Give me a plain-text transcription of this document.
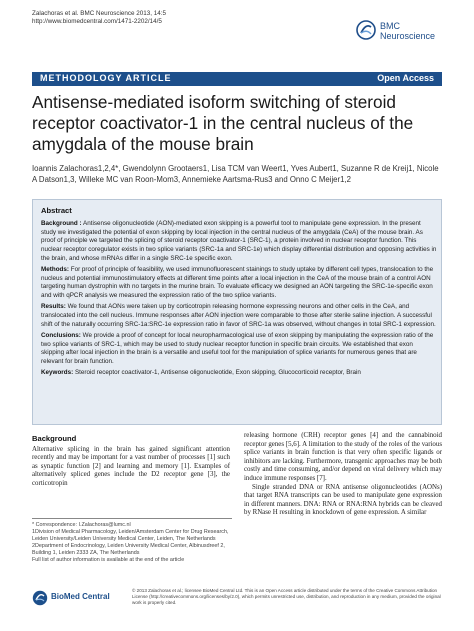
Zalachoras et al. BMC Neuroscience 2013, 14:5
http://www.biomedcentral.com/1471-2202/14/5	BMC
Neuroscience
METHODOLOGY ARTICLE	Open Access
Antisense-mediated isoform switching of steroid receptor coactivator-1 in the central nucleus of the amygdala of the mouse brain
Ioannis Zalachoras1,2,4*, Gwendolynn Grootaers1, Lisa TCM van Weert1, Yves Aubert1, Suzanne R de Kreij1, Nicole A Datson1,3, Willeke MC van Roon-Mom3, Annemieke Aartsma-Rus3 and Onno C Meijer1,2
Abstract

Background : Antisense oligonucleotide (AON)-mediated exon skipping is a powerful tool to manipulate gene expression. In the present study we investigated the potential of exon skipping by local injection in the central nucleus of the amygdala (CeA) of the mouse brain. As proof of principle we targeted the splicing of steroid receptor coactivator-1 (SRC-1), a protein involved in nuclear receptor function. This nuclear receptor coregulator exists in two splice variants (SRC-1a and SRC-1e) which display differential distribution and opposing activities in the brain, and whose mRNAs differ in a single SRC-1e specific exon.

Methods: For proof of principle of feasibility, we used immunofluorescent stainings to study uptake by different cell types, translocation to the nucleus and potential immunostimulatory effects at different time points after a local injection in the CeA of the mouse brain of a control AON targeting human dystrophin with no targets in the murine brain. To evaluate efficacy we designed an AON targeting the SRC-1e-specific exon and with qPCR analysis we measured the expression ratio of the two splice variants.

Results: We found that AONs were taken up by corticotropin releasing hormone expressing neurons and other cells in the CeA, and translocated into the cell nucleus. Immune responses after AON injection were comparable to those after sterile saline injection. A successful shift of the naturally occurring SRC-1a:SRC-1e expression ratio in favor of SRC-1a was observed, without changes in total SRC-1 expression.

Conclusions: We provide a proof of concept for local neuropharmacological use of exon skipping by manipulating the expression ratio of the two splice variants of SRC-1, which may be used to study nuclear receptor function in specific brain circuits. We established that exon skipping after local injection in the brain is a versatile and useful tool for the manipulation of splice variants for numerous genes that are relevant for brain function.

Keywords: Steroid receptor coactivator-1, Antisense oligonucleotide, Exon skipping, Glucocorticoid receptor, Brain

Background

Alternative splicing in the brain has gained significant attention recently and may be important for a vast number of processes [1] such as synaptic function [2] and learning and memory [1]. Examples of alternatively spliced genes include the D2 receptor gene [3], the corticotropin

releasing hormone (CRH) receptor genes [4] and the cannabinoid receptor genes [5,6]. A limitation to the study of the roles of the various splice variants in brain function is that very often specific ligands or inhibitors are lacking. Furthermore, transgenic approaches may be both costly and time consuming, and/or depend on viral delivery which may induce immune responses [7].

Single stranded DNA or RNA antisense oligonucleotides (AONs) that target RNA transcripts can be used to manipulate gene expression in different manners. DNA: RNA or RNA:RNA hybrids can be cleaved by RNase H resulting in knockdown of gene expression. A similar

* Correspondence: I.Zalachoras@lumc.nl
1Division of Medical Pharmacology, Leiden/Amsterdam Center for Drug Research, Leiden University/Leiden University Medical Center, Leiden, The Netherlands
2Department of Endocrinology, Leiden University Medical Center, Albinusdreef 2, Building 1, Leiden 2333 ZA, The Netherlands
Full list of author information is available at the end of the article
BioMed Central
© 2013 Zalachoras et al.; licensee BioMed Central Ltd. This is an Open Access article distributed under the terms of the Creative Commons Attribution License (http://creativecommons.org/licenses/by/2.0), which permits unrestricted use, distribution, and reproduction in any medium, provided the original work is properly cited.
